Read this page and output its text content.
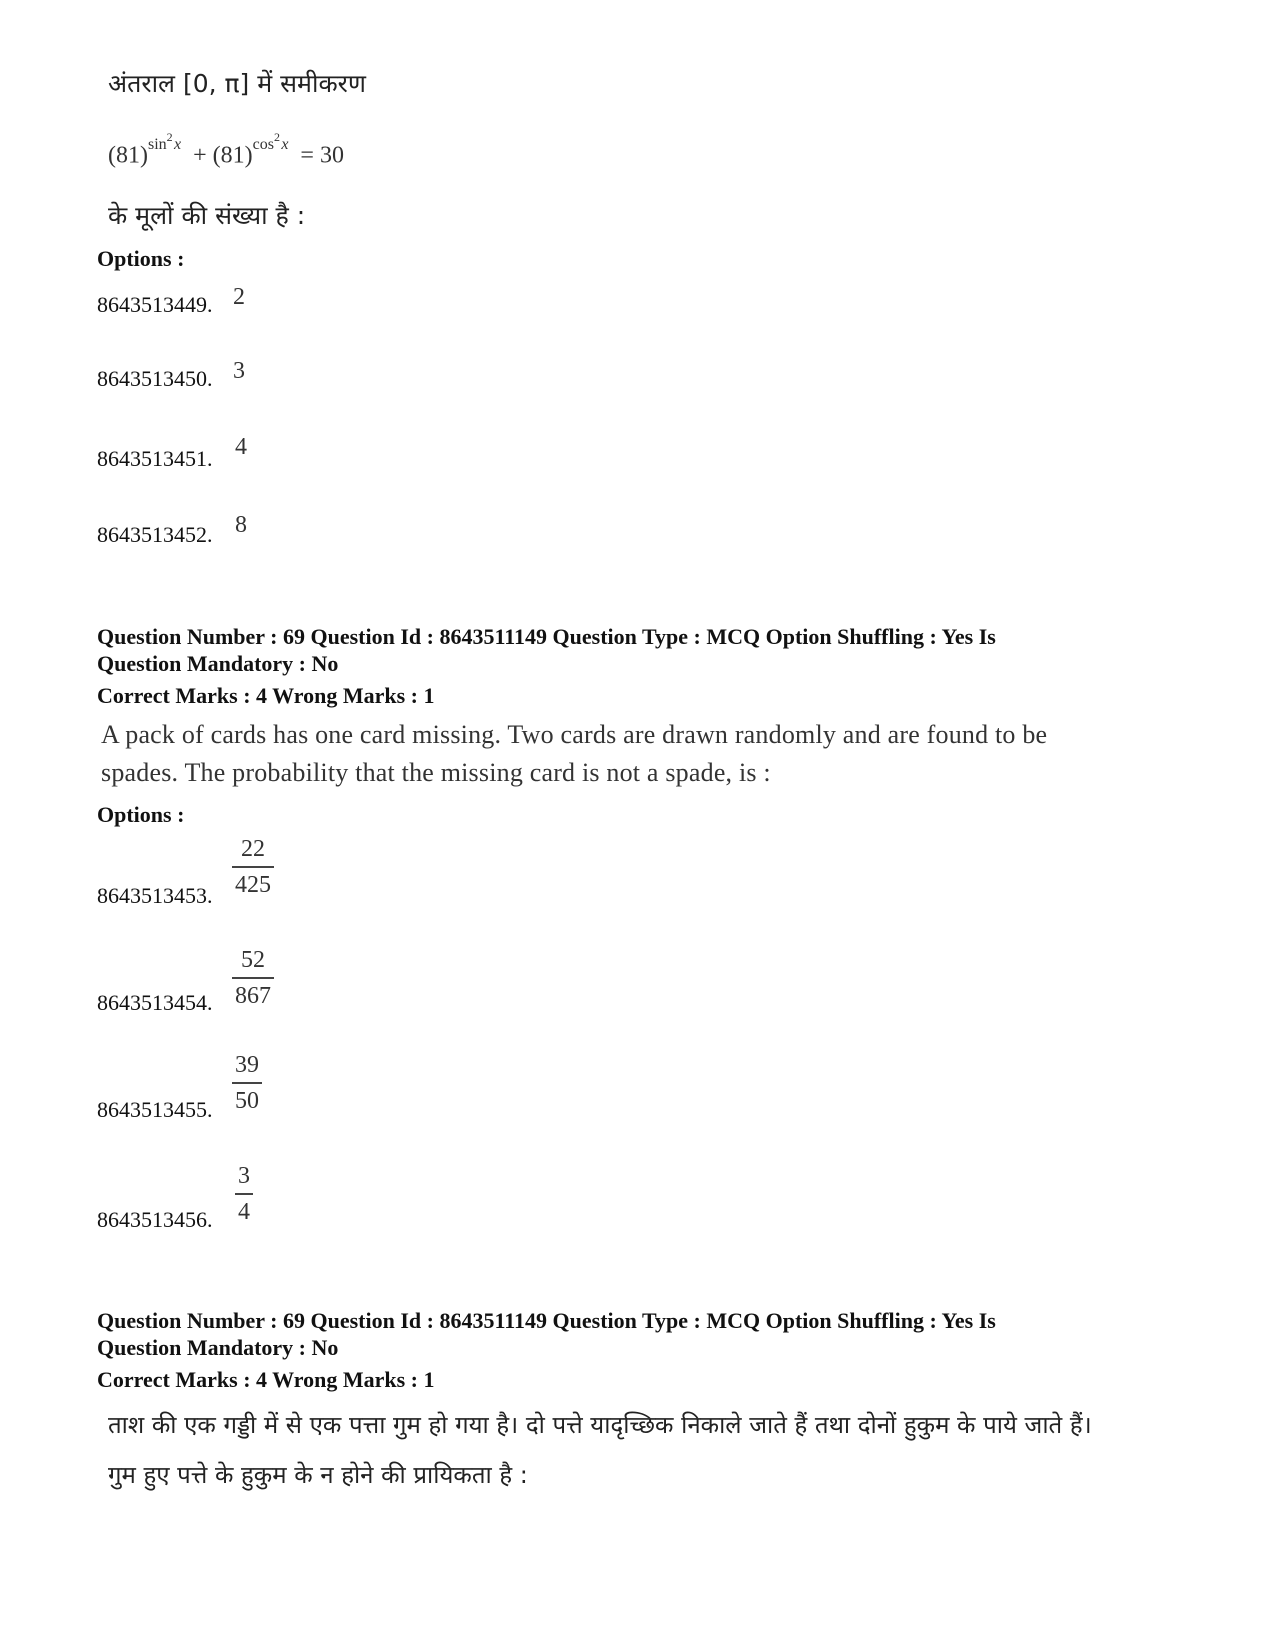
अंतराल [0, π] में समीकरण
$(81)^{sin^2 x} + (81)^{cos^2 x} = 30$
के मूलों की संख्या है :
Options :
8643513449. 2
8643513450. 3
8643513451. 4
8643513452. 8
Question Number : 69 Question Id : 8643511149 Question Type : MCQ Option Shuffling : Yes Is
Question Mandatory : No
Correct Marks : 4 Wrong Marks : 1
A pack of cards has one card missing. Two cards are drawn randomly and are found to be
spades. The probability that the missing card is not a spade, is :
Options :
8643513453.
22
425
8643513454.
52
867
8643513455.
39
50
8643513456.
3
4
Question Number : 69 Question Id : 8643511149 Question Type : MCQ Option Shuffling : Yes Is
Question Mandatory : No
Correct Marks : 4 Wrong Marks : 1
ताश की एक गड्डी में से एक पत्ता गुम हो गया है। दो पत्ते यादृच्छिक निकाले जाते हैं तथा दोनों हुकुम के पाये जाते हैं।
गुम हुए पत्ते के हुकुम के न होने की प्रायिकता है :
